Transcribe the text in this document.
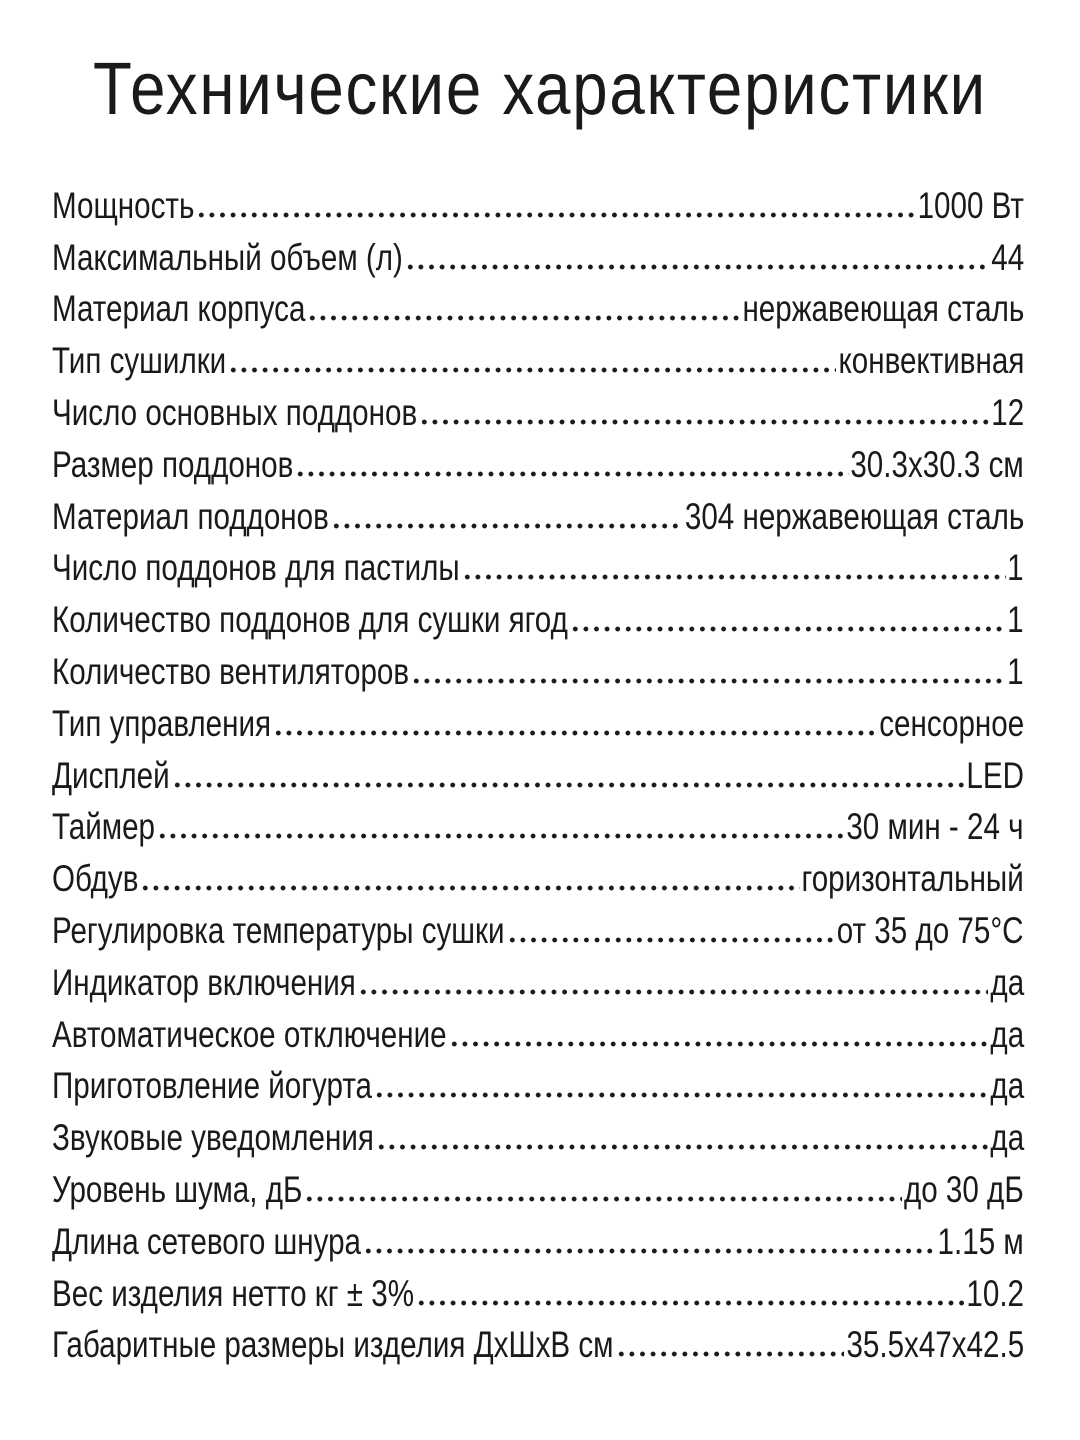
Технические характеристики
Мощность	1000 Вт
Максимальный объем (л)	44
Материал корпуса	нержавеющая сталь
Тип сушилки	конвективная
Число основных поддонов	12
Размер поддонов	30.3х30.3 см
Материал поддонов	304 нержавеющая сталь
Число поддонов для пастилы	1
Количество поддонов для сушки ягод	1
Количество вентиляторов	1
Тип управления	сенсорное
Дисплей	LED
Таймер	30 мин - 24 ч
Обдув	горизонтальный
Регулировка температуры сушки	от 35 до 75°С
Индикатор включения	да
Автоматическое отключение	да
Приготовление йогурта	да
Звуковые уведомления	да
Уровень шума, дБ	до 30 дБ
Длина сетевого шнура	1.15 м
Вес изделия нетто кг ± 3%	10.2
Габаритные размеры изделия ДхШхВ см	35.5х47х42.5
